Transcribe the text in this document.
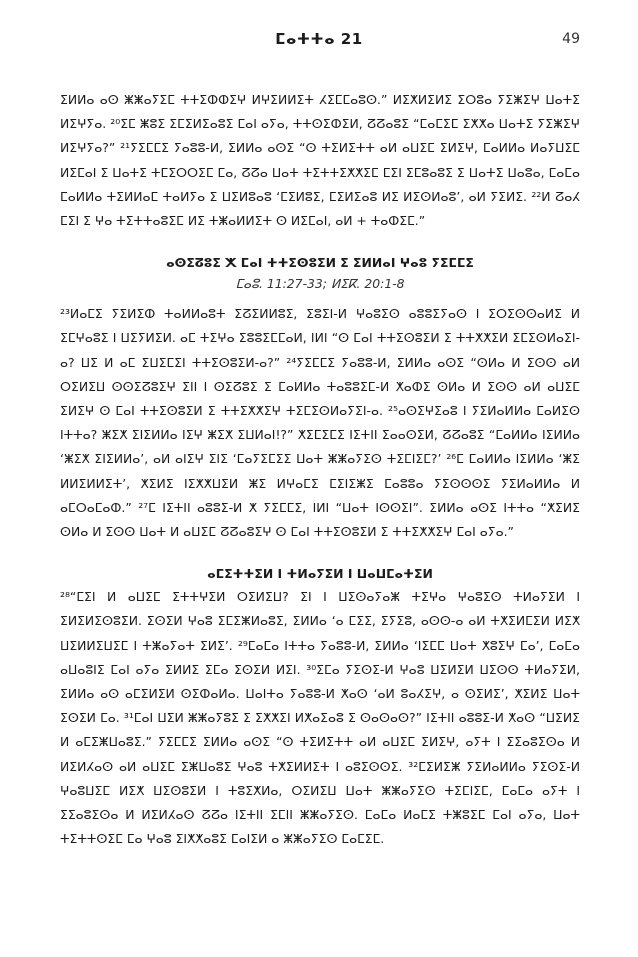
ⵎⴰⵜⵜⴰ 21	49

ⵉⵍⵍⴰ ⴰⵙ ⵥⵥⴰⵢⵉⵎ ⵜⵜⵉⵀⵀⵉⵖ ⵍⵖⵉⵍⵍⵉⵜ ⵃⵉⵎⵎⴰⵓⵙ.” ⵍⵉⵅⵍⵉⵍⵉ ⵉⵔⵓⴰ ⵢⵉⵥⵉⵖ ⵡⴰⵜⵉ ⵍⵉⵖⵢⴰ. ²⁰ⵉⵎ ⵥⵓⵉ ⵉⵎⵉⵍⵉⴰⵓⵉ ⵎⴰⵏ ⴰⵢⴰ, ⵜⵜⵙⵉⵀⵉⵍ, ⵒⵒⴰⵓⵉ “ⵎⴰⵎⵉⵎ ⵉⵅⵅⴰ ⵡⴰⵜⵉ ⵢⵉⵥⵉⵖ ⵍⵉⵖⵢⴰ?” ²¹ⵢⵉⵎⵎⵉ ⵢⴰⵓⵓ-ⵍ, ⵉⵍⵍⴰ ⴰⵙⵉ “ⵙ ⵜⵉⵍⵉⵜⵜ ⴰⵍ ⴰⵡⵉⵎ ⵉⵍⵉⵖ, ⵎⴰⵍⵍⴰ ⵍⴰⵢⵡⵉⵎ ⵍⵉⵎⴰⵏ ⵉ ⵡⴰⵜⵉ ⵜⵎⵉⵔⵔⵉⵎ ⵎⴰ, ⵒⵒⴰ ⵡⴰⵜ ⵜⵉⵜⵜⵉⵅⵅⵉⵎ ⵎⵉⵏ ⵉⵎⵓⴰⵓⵉ ⵉ ⵡⴰⵜⵉ ⵡⴰⵓⴰ, ⵎⴰⵎⴰ ⵎⴰⵍⵍⴰ ⵜⵉⵍⵍⴰⵎ ⵜⴰⵍⵢⴰ ⵉ ⵡⵉⵍⵓⴰⵓ ‘ⵎⵉⵍⵓⵉ, ⵎⵉⵍⵉⴰⵓ ⵍⵉ ⵍⵉⵙⵍⴰⵓ’, ⴰⵍ ⵢⵉⵍⵉ. ²²ⵍ ⵒⴰⵃ ⵎⵉⵏ ⵉ ⵖⴰ ⵜⵉⵜⵜⴰⵓⵉⵎ ⵍⵉ ⵜⵥⴰⵍⵍⵉⵜ ⵙ ⵍⵉⵎⴰⵏ, ⴰⵍ + ⵜⴰⵀⵉⵎ.”

ⴰⵙⵉⵒⵓⵉ ⵅ ⵎⴰⵏ ⵜⵜⵉⵙⵓⵉⵍ ⵉ ⵉⵍⵍⴰⵏ ⵖⴰⵓ ⵢⵉⵎⵎⵉ

ⵎⴰⵓ. 11:27-33; ⵍⵉⴽ. 20:1-8

²³ⵍⴰⵎⵉ ⵢⵉⵍⵉⵀ ⵜⴰⵍⵍⴰⵓⵜ ⵉⵒⵉⵍⵍⵓⵉ, ⵉⵓⵉⵏ-ⵍ ⵖⴰⵓⵉⵙ ⴰⵓⵓⵉⵢⴰⵙ ⵏ ⵉⵔⵉⵙⵙⴰⵍⵉ ⵍ ⵉⵎⵖⴰⵓⵉ ⵏ ⵡⵉⵢⵍⵉⵍ. ⴰⵎ ⵜⵉⵖⴰ ⵉⵓⵓⵉⵎⵎⴰⵍ, ⵏⵍⵏ “ⵙ ⵎⴰⵏ ⵜⵜⵉⵙⵓⵉⵍ ⵉ ⵜⵜⵅⵅⵉⵍ ⵉⵎⵉⵙⵍⴰⵉⵏ-ⴰ? ⵡⵉ ⵍ ⴰⵎ ⵉⵡⵉⵎⵉⵏ ⵜⵜⵉⵙⵓⵉⵍ-ⴰ?” ²⁴ⵢⵉⵎⵎⵉ ⵢⴰⵓⵓ-ⵍ, ⵉⵍⵍⴰ ⴰⵙⵉ “ⵙⵍⴰ ⵍ ⵉⵙⵙ ⴰⵍ ⵔⵉⵍⵉⵡ ⵙⵙⵉⵒⵓⵉⵖ ⵉⵏⵏ ⵏ ⵙⵉⵒⵓⵉ ⵉ ⵎⴰⵍⵍⴰ ⵜⴰⵓⵓⵉⵎ-ⵍ ⵅⴰⵀⵉ ⵙⵍⴰ ⵍ ⵉⵙⵙ ⴰⵍ ⴰⵡⵉⵎ ⵉⵍⵉⵖ ⵙ ⵎⴰⵏ ⵜⵜⵉⵙⵓⵉⵍ ⵉ ⵜⵜⵉⵅⵅⵉⵖ ⵜⵉⵎⵉⵙⵍⴰⵢⵉⵏ-ⴰ. ²⁵ⴰⵙⵉⵖⵉⴰⵓ ⵏ ⵢⵉⵍⴰⵍⵍⴰ ⵎⴰⵍⵉⵙ ⵏⵜⵜⴰ? ⵥⵉⵅ ⵉⵏⵉⵍⵍⴰ ⵏⵉⵖ ⵥⵉⵅ ⵉⵡⵍⴰⵏ!?” ⵅⵉⵎⵉⵎⵉ ⵏⵉⵜⵏⵏ ⵉⴰⴰⵙⵉⵍ, ⵒⵒⴰⵓⵉ “ⵎⴰⵍⵍⴰ ⵏⵉⵍⵍⴰ ‘ⵥⵉⵅ ⵉⵏⵉⵍⵍⴰ’, ⴰⵍ ⴰⵏⵉⵖ ⵉⵏⵉ ‘ⵎⴰⵢⵉⵎⵉⵉ ⵡⴰⵜ ⵥⵥⴰⵢⵉⵙ ⵜⵉⵎⵏⵉⵎ?’ ²⁶ⵎ ⵎⴰⵍⵍⴰ ⵏⵉⵍⵍⴰ ‘ⵥⵉ ⵍⵍⵉⵍⵍⵉⵜ’, ⵅⵉⵍⵉ ⵏⵉⵅⵅⵡⵉⵍ ⵥⵉ ⵍⵖⴰⵎⵉ ⵎⵉⵏⵉⵥⵉ ⵎⴰⵓⵓⴰ ⵢⵉⵙⵙⵙⵉ ⵢⵉⵍⴰⵍⵍⴰ ⵍ ⴰⵎⵔⴰⵎⴰⵀ.” ²⁷ⵎ ⵏⵉⵜⵏⵏ ⴰⵓⵓⵉ-ⵍ ⵅ ⵢⵉⵎⵎⵉ, ⵏⵍⵏ “ⵡⴰⵜ ⵏⵙⵙⵉⵏ”. ⵉⵍⵍⴰ ⴰⵙⵉ ⵏⵜⵜⴰ “ⵅⵉⵍⵉ ⵙⵍⴰ ⵍ ⵉⵙⵙ ⵡⴰⵜ ⵍ ⴰⵡⵉⵎ ⵒⵒⴰⵓⵉⵖ ⵙ ⵎⴰⵏ ⵜⵜⵉⵙⵓⵉⵍ ⵉ ⵜⵜⵉⵅⵅⵉⵖ ⵎⴰⵏ ⴰⵢⴰ.”

ⴰⵎⵉⵜⵜⵉⵍ ⵏ ⵜⵍⴰⵢⵉⵍ ⵏ ⵡⴰⵡⵎⴰⵜⵉⵍ

²⁸“ⵎⵉⵏ ⵍ ⴰⵡⵉⵎ ⵉⵜⵜⵖⵉⵍ ⵔⵉⵍⵉⵡ? ⵉⵏ ⵏ ⵡⵉⵙⴰⵢⴰⵥ ⵜⵉⵖⴰ ⵖⴰⵓⵉⵙ ⵜⵍⴰⵢⵉⵍ ⵏ ⵉⵍⵉⵍⵉⵙⵓⵉⵍ. ⵉⵙⵉⵍ ⵖⴰⵓ ⵉⵎⵉⵥⵍⴰⵓⵉ, ⵉⵍⵍⴰ ‘ⴰ ⵎⵉⵉ, ⵉⵢⵉⵓ, ⴰⵙⵙ-ⴰ ⴰⵍ ⵜⵅⵉⵍⵎⵉⵍ ⵍⵉⵅ ⵡⵉⵍⵍⵉⵡⵉⵎ ⵏ ⵜⵥⴰⵢⴰⵜ ⵉⵍⵉ’. ²⁹ⵎⴰⵎⴰ ⵏⵜⵜⴰ ⵢⴰⵓⵓ-ⵍ, ⵉⵍⵍⴰ ‘ⵏⵉⵎⵎ ⵡⴰⵜ ⵅⵓⵉⵖ ⵎⴰ’, ⵎⴰⵎⴰ ⴰⵡⴰⵓⵏⵉ ⵎⴰⵏ ⴰⵢⴰ ⵉⵍⵍⵉ ⵉⵎⴰ ⵉⵙⵉⵍ ⵍⵉⵏ. ³⁰ⵉⵎⴰ ⵢⵉⵙⵉ-ⵍ ⵖⴰⵓ ⵡⵉⵍⵉⵍ ⵡⵉⵙⵙ ⵜⵍⴰⵢⵉⵍ, ⵉⵍⵍⴰ ⴰⵙ ⴰⵎⵉⵍⵉⵍ ⵙⵉⵀⴰⵍⴰ. ⵡⴰⵏⵜⴰ ⵢⴰⵓⵓ-ⵍ ⵅⴰⵙ ‘ⴰⵍ ⵓⴰⵃⵉⵖ, ⴰ ⵙⵉⵍⵉ’, ⵅⵉⵍⵉ ⵡⴰⵜ ⵉⵙⵉⵍ ⵎⴰ. ³¹ⵎⴰⵏ ⵡⵉⵍ ⵥⵥⴰⵢⵓⵉ ⵉ ⵉⵅⵅⵉⵏ ⵍⵅⴰⵉⴰⵓ ⵉ ⵙⴰⵙⴰⵙ?” ⵏⵉⵜⵏⵏ ⴰⵓⵓⵉ-ⵍ ⵅⴰⵙ “ⵡⵉⵍⵉ ⵍ ⴰⵎⵉⵥⵡⴰⵓⵉ.” ⵢⵉⵎⵎⵉ ⵉⵍⵍⴰ ⴰⵙⵉ “ⵙ ⵜⵉⵍⵉⵜⵜ ⴰⵍ ⴰⵡⵉⵎ ⵉⵍⵉⵖ, ⴰⵢⵜ ⵏ ⵉⵉⴰⵓⵉⵙⴰ ⵍ ⵍⵉⵍⵃⴰⵙ ⴰⵍ ⴰⵡⵉⵎ ⵉⵥⵡⴰⵓⵉ ⵖⴰⵓ ⵜⵅⵉⵍⵍⵉⵜ ⵏ ⴰⵓⵉⵙⵙⵉ. ³²ⵎⵉⵍⵉⵥ ⵢⵉⵍⴰⵍⵍⴰ ⵢⵉⵙⵉ-ⵍ ⵖⴰⵓⵡⵉⵎ ⵍⵉⵅ ⵡⵉⵙⵓⵉⵍ ⵏ ⵜⵓⵉⵅⵍⴰ, ⵔⵉⵍⵉⵡ ⵡⴰⵜ ⵥⵥⴰⵢⵉⵙ ⵜⵉⵎⵏⵉⵎ, ⵎⴰⵎⴰ ⴰⵢⵜ ⵏ ⵉⵉⴰⵓⵉⵙⴰ ⵍ ⵍⵉⵍⵃⴰⵙ ⵒⵒⴰ ⵏⵉⵜⵏⵏ ⵉⵎⵏⵏ ⵥⵥⴰⵢⵉⵙ. ⵎⴰⵎⴰ ⵍⴰⵎⵉ ⵜⵥⵓⵉⵎ ⵎⴰⵏ ⴰⵢⴰ, ⵡⴰⵜ ⵜⵉⵜⵜⵙⵉⵎ ⵎⴰ ⵖⴰⵓ ⵉⵏⵅⵅⴰⵓⵉ ⵎⴰⵏⵉⵍ ⴰ ⵥⵥⴰⵢⵉⵙ ⵎⴰⵎⵉⵎ.
